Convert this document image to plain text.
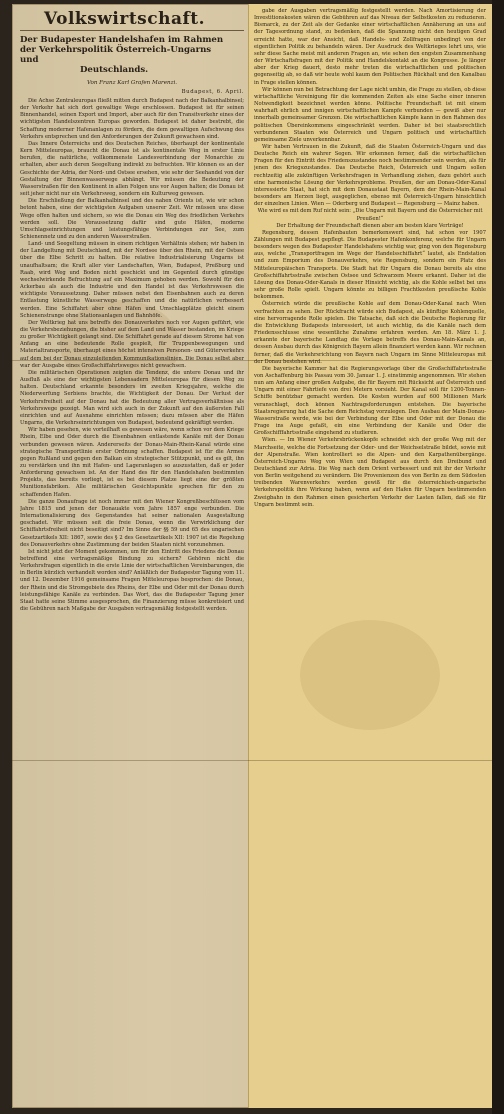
Volkswirtschaft.
Der Budapester Handelshafen im Rahmen
der Verkehrspolitik Österreich-Ungarns und
Deutschlands.
Von Franz Karl Grafen Marenzi.
Budapest, 6. April.

Die Achse Zentraleuropas fließt mitten durch Budapest nach der Balkanhalbinsel; der Verkehr hat sich dort gewaltige Wege erschlossen. Budapest ist für seinen Binnenhandel, seinen Export und Import, aber auch für den Transitverkehr eines der wichtigsten Handelszentren Europas geworden. Budapest ist daher bestrebt, die Schaffung moderner Hafenanlagen zu fördern, die dem gewaltigen Aufschwung des Verkehrs entsprechen und den Anforderungen der Zukunft gewachsen sind.

Das Innere Österreichs und des Deutschen Reiches, überhaupt der kontinentale Kern Mitteleuropas, braucht die Donau ist als kontinentale Weg in erster Linie berufen, die natürliche, vollkommenste Landesverbindung der Monarchie zu erhalten, aber auch deren Seegeltung indirekt zu befruchten. Wir können es an der Geschichte der Adria, der Nord- und Ostsee ersehen, wie sehr der Seehandel von der Gestaltung der Binnenwasserwege abhängt. Wir müssen die Bedeutung der Wasserstraßen für den Kontinent in allen Folgen uns vor Augen halten; die Donau ist seit jeher nicht nur ein Verkehrsweg, sondern ein Kulturweg gewesen.

Die Erschließung der Balkanhalbinsel und des nahen Orients ist, wie wir schon betont haben, eine der wichtigsten Aufgaben unserer Zeit. Wir müssen uns diese Wege offen halten und sichern, so wie die Donau ein Weg des friedlichen Verkehrs werden soll. Die Voraussetzung dafür sind gute Häfen, moderne Umschlagseinrichtungen und leistungsfähige Verbindungen zur See, zum Schienennetz und zu den anderen Wasserstraßen.

Land- und Seegeltung müssen in einem richtigen Verhältnis stehen; wir haben in der Landgeltung mit Deutschland, mit der Nordsee über den Rhein, mit der Ostsee über die Elbe Schritt zu halten. Die relative Industrialisierung Ungarns ist unaufhaltsam; die Kraft aller vier Landschaften, Wien, Budapest, Preßburg und Raab, wird Weg und Boden nicht geschickt und im Gegenteil durch günstige wechselwirkende Befruchtung auf ein Maximum gehoben werden. Sowohl für den Ackerbau als auch die Industrie und den Handel ist das Verkehrswesen die wichtigste Voraussetzung. Daher müssen nebst den Eisenbahnen auch zu deren Entlastung künstliche Wasserwege geschaffen und die natürlichen verbessert werden. Eine Schiffahrt aber ohne Häfen und Umschlagplätze gleicht einem Schienenstrange ohne Stationsanlagen und Bahnhöfe.

Der Weltkrieg hat uns betreffs des Donauverkehrs noch vor Augen geführt, wie die Verkehrsbeziehungen, die bisher auf dem Land und Wasser bestanden, im Kriege zu großer Wichtigkeit gelangt sind. Die Schiffahrt gerade auf diesem Strome hat von Anfang an eine bedeutende Rolle gespielt, für Truppenbewegungen und Materialtransporte, überhaupt eines höchst intensiven Personen- und Güterverkehrs auf dem bei der Donau einzuleitenden Kommunikationslinien. Die Donau selbst aber war der Ausgabe eines Großschiffahrtsweges nicht gewachsen.

Die militärischen Operationen zeigten die Tendenz, die untere Donau und ihr Ausfluß als eine der wichtigsten Lebensadern Mitteleuropas für diesen Weg zu halten. Deutschland erkannte besonders im zweiten Kriegsjahre, welche die Niederwerfung Serbiens brachte, die Wichtigkeit der Donau. Der Verlust der Verkehrsfreiheit auf der Donau hat die Bedeutung aller Vertragsverhältnisse als Verkehrswege gezeigt. Man wird sich auch in der Zukunft auf den äußersten Fall einrichten und auf Ausnahme einrichten müssen; dazu müssen aber die Häfen Ungarns, die Verkehrseinrichtungen von Budapest, bedeutend gekräftigt werden.

Wir haben gesehen, wie vorteilhaft es gewesen wäre, wenn schon vor dem Kriege Rhein, Elbe und Oder durch die Eisenbahnen entlastende Kanäle mit der Donau verbunden gewesen wären. Andererseits der Donau-Main-Rhein-Kanal würde eine strategische Transportlinie erster Ordnung schaffen. Budapest ist für die Armee gegen Rußland und gegen den Balkan ein strategischer Stützpunkt, und es gilt, ihn zu verstärken und ihn mit Hafen- und Lageranlagen so auszustatten, daß er jeder Anforderung gewachsen ist. An der Hand des für den Handelshafen bestimmten Projekts, das bereits vorliegt, ist es bei diesem Platze liegt eine der größten Munitionsfabriken. Alle militärischen Gesichtspunkte sprechen für den zu schaffenden Hafen.

Die ganze Donaufrage ist noch immer mit den Wiener Kongreßbeschlüssen vom Jahre 1815 und jenen der Donauakte vom Jahre 1857 enge verbunden. Die Internationalisierung des Gegenstandes hat seiner nationalen Ausgestaltung geschadet. Wir müssen seit die freie Donau, wenn die Verwirklichung der Schiffahrtsfreiheit nicht beseitigt sind? Im Sinne der §§ 59 und 65 des ungarischen Gesetzartikels XII: 1867, sowie des § 2 des Gesetzartikels XII: 1907 ist die Regelung des Donauverkehrs ohne Zustimmung der beiden Staaten nicht vorzunehmen.

Ist nicht jetzt der Moment gekommen, um für den Eintritt des Friedens die Donau betreffend eine vertragsmäßige Bindung zu sichern? Gehören nicht die Verkehrsfragen eigentlich in die erste Linie der wirtschaftlichen Vereinbarungen, die in Berlin kürzlich verhandelt worden sind? Anläßlich der Budapester Tagung vom 11. und 12. Dezember 1916 gemeinsame Fragen Mitteleuropas besprochen: die Donau, der Rhein und die Stromgebiete des Rheins, der Elbe und Oder mit der Donau durch leistungsfähige Kanäle zu verbinden. Das Wort, das die Budapester Tagung jener Staat hatte seine Stimme ausgesprochen, die Finanzierung müsse konkretisiert und die Gebühren nach Maßgabe der Ausgaben vertragsmäßig festgestellt werden.

gabe der Ausgaben vertragsmäßig festgestellt werden. Nach Amortisierung der Investitionskosten wären die Gebühren auf das Niveau der Selbstkosten zu reduzieren. Bismarck, zu der Zeit als der Gedanke einer wirtschaftlichen Annäherung an uns auf der Tagesordnung stand, zu bedenken, daß die Spannung nicht den heutigen Grad erreicht hatte, war der Ansicht, daß Handels- und Zollfragen unbedingt von der eigentlichen Politik zu behandeln wären. Der Ausdruck des Weltkrieges lehrt uns, wie sehr diese Sache meist mit anderen Fragen an, wie sehen den engsten Zusammenhang der Wirtschaftsfragen mit der Politik und Handelskontakt an die Kongresse. Je länger aber der Krieg dauert, desto mehr treten die wirtschaftlichen und politischen gegenseitig ab, so daß wir heute wohl kaum den Politischen Rückhalt und den Kanalbau in Frage stellen können.

Wir können nun bei Betrachtung der Lage nicht umhin, die Frage zu stellen, ob diese wirtschaftliche Vereinigung für die kommenden Zeiten als eine Sache einer inneren Notwendigkeit bezeichnet werden könne. Politische Freundschaft ist mit einem wahrhaft ehrlich und innigen wirtschaftlichen Kampfe verbunden — gewiß aber nur innerhalb gemeinsamer Grenzen. Die wirtschaftlichen Kämpfe kann in den Rahmen des politischen Übereinkommens eingeschränkt werden. Daher ist bei staatsrechtlich verbundenen Staaten wie Österreich und Ungarn politisch und wirtschaftlich gemeinsame Ziele unverkennbar.

Wir haben Vertrauen in die Zukunft, daß die Staaten Österreich-Ungarn und das Deutsche Reich ein wahrer Segen. Wir erkennen ferner, daß die wirtschaftlichen Fragen für den Eintritt des Friedenszustandes noch bestimmender sein werden, als für jenen des Kriegszustandes. Das Deutsche Reich, Österreich und Ungarn sollen rechtzeitig alle zukünftigen Verkehrsfragen in Verhandlung ziehen, dazu gehört auch eine harmonische Lösung der Verkehrsprobleme. Preußen, der am Donau-Oder-Kanal interessierte Staat, hat sich mit dem Donaustaat Bayern, dem der Rhein-Main-Kanal besonders am Herzen liegt, ausgeglichen, ebenso mit Österreich-Ungarn hinsichtlich der einzelnen Linien. Wien — Oderberg und Budapest — Regensburg — Mainz haben.

Wie wird es mit dem Ruf nicht sein: „Die Ungarn mit Bayern und die Österreicher mit Preußen!“

Der Erhaltung der Freundschaft dienen aber am besten klare Verträge!

Regensburg, dessen Hafenbauten bemerkenswert sind, hat schon vor 1907 Zählungen mit Budapest gepflegt. Die Budapester Hafenkonferenz, welche für Ungarn besonders wegen des Budapester Handelshafens wichtig war, ging von den Regensburg aus, welche „Transportfragen im Wege der Handelsschiffahrt“ lautet, als Endstation und zum Emporium des Donauverkehrs, wie Regensburg, sondern ein Platz des Mitteleuropäischen Transports. Die Stadt hat für Ungarn die Donau bereits als eine Großschiffahrtsstraße zwischen Ostsee und Schwarzem Meere erkannt. Daher ist die Lösung des Donau-Oder-Kanals in dieser Hinsicht wichtig, als die Kohle selbst bei uns sehr große Rolle spielt. Ungarn könnte zu billigen Frachtkosten preußische Kohle bekommen.

Österreich würde die preußische Kohle auf dem Donau-Oder-Kanal nach Wien verfrachten zu sehen. Der Rückfracht würde sich Budapest, als künftige Kohlenquelle, eine hervorragende Rolle spielen. Die Tatsache, daß sich die Deutsche Regierung für die Entwicklung Budapests interessiert, ist auch wichtig, da die Kanäle nach dem Friedensschlusse eine wesentliche Zunahme erfahren werden. Am 18. März 1. J. erkannte der bayerische Landtag die Vorlage betreffs des Donau-Main-Kanals an, dessen Ausbau durch das Königreich Bayern allein finanziert werden kann. Wir rechnen ferner, daß die Verkehrsrichtung von Bayern nach Ungarn im Sinne Mitteleuropas mit der Donau bestehen wird.

Die bayerische Kammer hat die Regierungsvorlage über die Großschiffahrtsstraße von Aschaffenburg bis Passau vom 30. Januar 1. J. einstimmig angenommen. Wir stehen nun am Anfang einer großen Aufgabe, die für Bayern mit Rücksicht auf Österreich und Ungarn mit einer Fahrtiefe von drei Metern vorsieht. Der Kanal soll für 1200-Tonnen-Schiffe benützbar gemacht werden. Die Kosten wurden auf 600 Millionen Mark veranschlagt, doch können Nachtragsforderungen entstehen. Die bayerische Staatsregierung hat die Sache dem Reichstag vorzulegen. Den Ausbau der Main-Donau-Wasserstraße werde, wie bei der Verbindung der Elbe und Oder mit der Donau die Frage ins Auge gefaßt, ein eine Verbindung der Kanäle und Oder die Großschifffahrtsstraße eingehend zu studieren.

Wien. — Im Wiener Verkehrsbrückenkopfe schneidet sich der große Weg mit der Marchseite, welche die Fortsetzung der Oder- und der Weichselstraße bildet, sowie mit der Alpenstraße. Wien kontrolliert so die Alpen- und den Karpathenübergänge. Österreich-Ungarns Weg von Wien und Budapest aus durch den Dreibund und Deutschland zur Adria. Die Weg nach dem Orient verbessert und mit ihr der Verkehr von Berlin weitgehend zu verändern. Die Provenienzen des von Berlin zu dem Südosten treibenden Warenverkehrs werden gewiß für die österreichisch-ungarische Verkehrspolitik ihre Wirkung haben, wenn auf den Hafen für Ungarn bestimmenden Zweigbahn in den Rahmen einen gesicherten Verkehr der Lasten fallen, daß sie für Ungarn bestimmt sein.
